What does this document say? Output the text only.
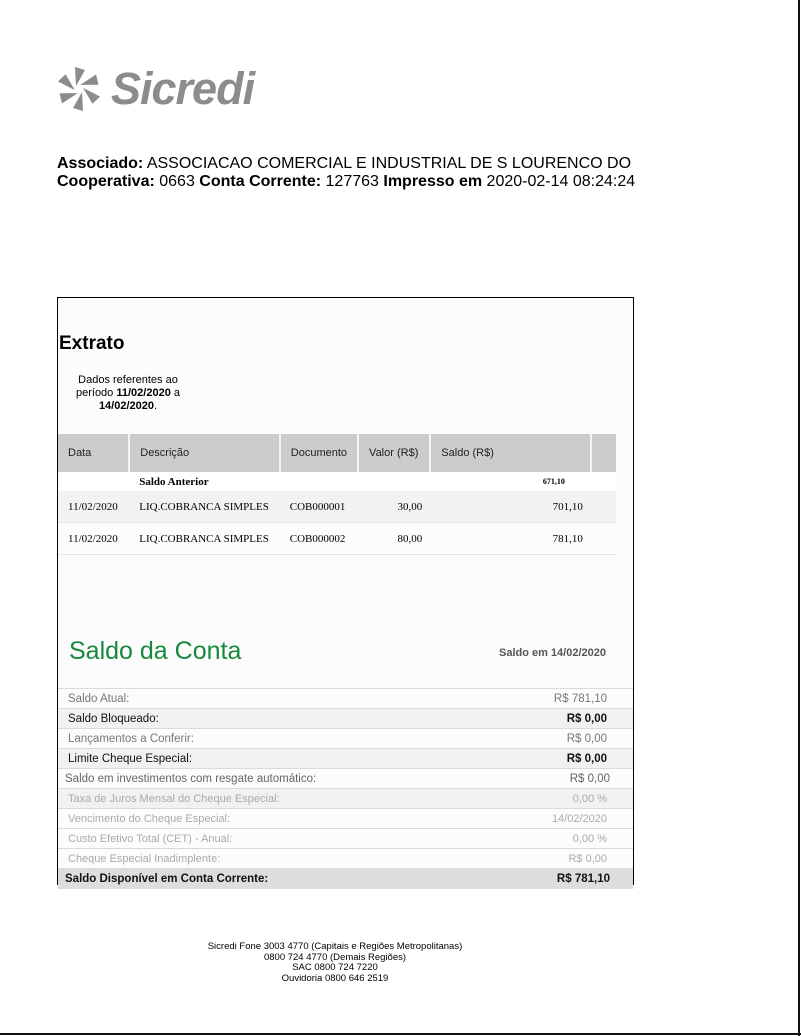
Sicredi
Associado: ASSOCIACAO COMERCIAL E INDUSTRIAL DE S LOURENCO DO
Cooperativa: 0663 Conta Corrente: 127763 Impresso em 2020-02-14 08:24:24
Extrato
Dados referentes ao período 11/02/2020 a
14/02/2020.
Data	Descrição	Documento	Valor (R$)	Saldo (R$)	
	Saldo Anterior			671,10	
11/02/2020	LIQ.COBRANCA SIMPLES	COB000001	30,00	701,10	
11/02/2020	LIQ.COBRANCA SIMPLES	COB000002	80,00	781,10	
Saldo da Conta	Saldo em 14/02/2020
Saldo Atual:	R$ 781,10
Saldo Bloqueado:	R$ 0,00
Lançamentos a Conferir:	R$ 0,00
Limite Cheque Especial:	R$ 0,00
Saldo em investimentos com resgate automático:	R$ 0,00
Taxa de Juros Mensal do Cheque Especial:	0,00 %
Vencimento do Cheque Especial:	14/02/2020
Custo Efetivo Total (CET) - Anual:	0,00 %
Cheque Especial Inadimplente:	R$ 0,00
Saldo Disponível em Conta Corrente:	R$ 781,10
Sicredi Fone 3003 4770 (Capitais e Regiões Metropolitanas)
0800 724 4770 (Demais Regiões)
SAC 0800 724 7220
Ouvidoria 0800 646 2519
